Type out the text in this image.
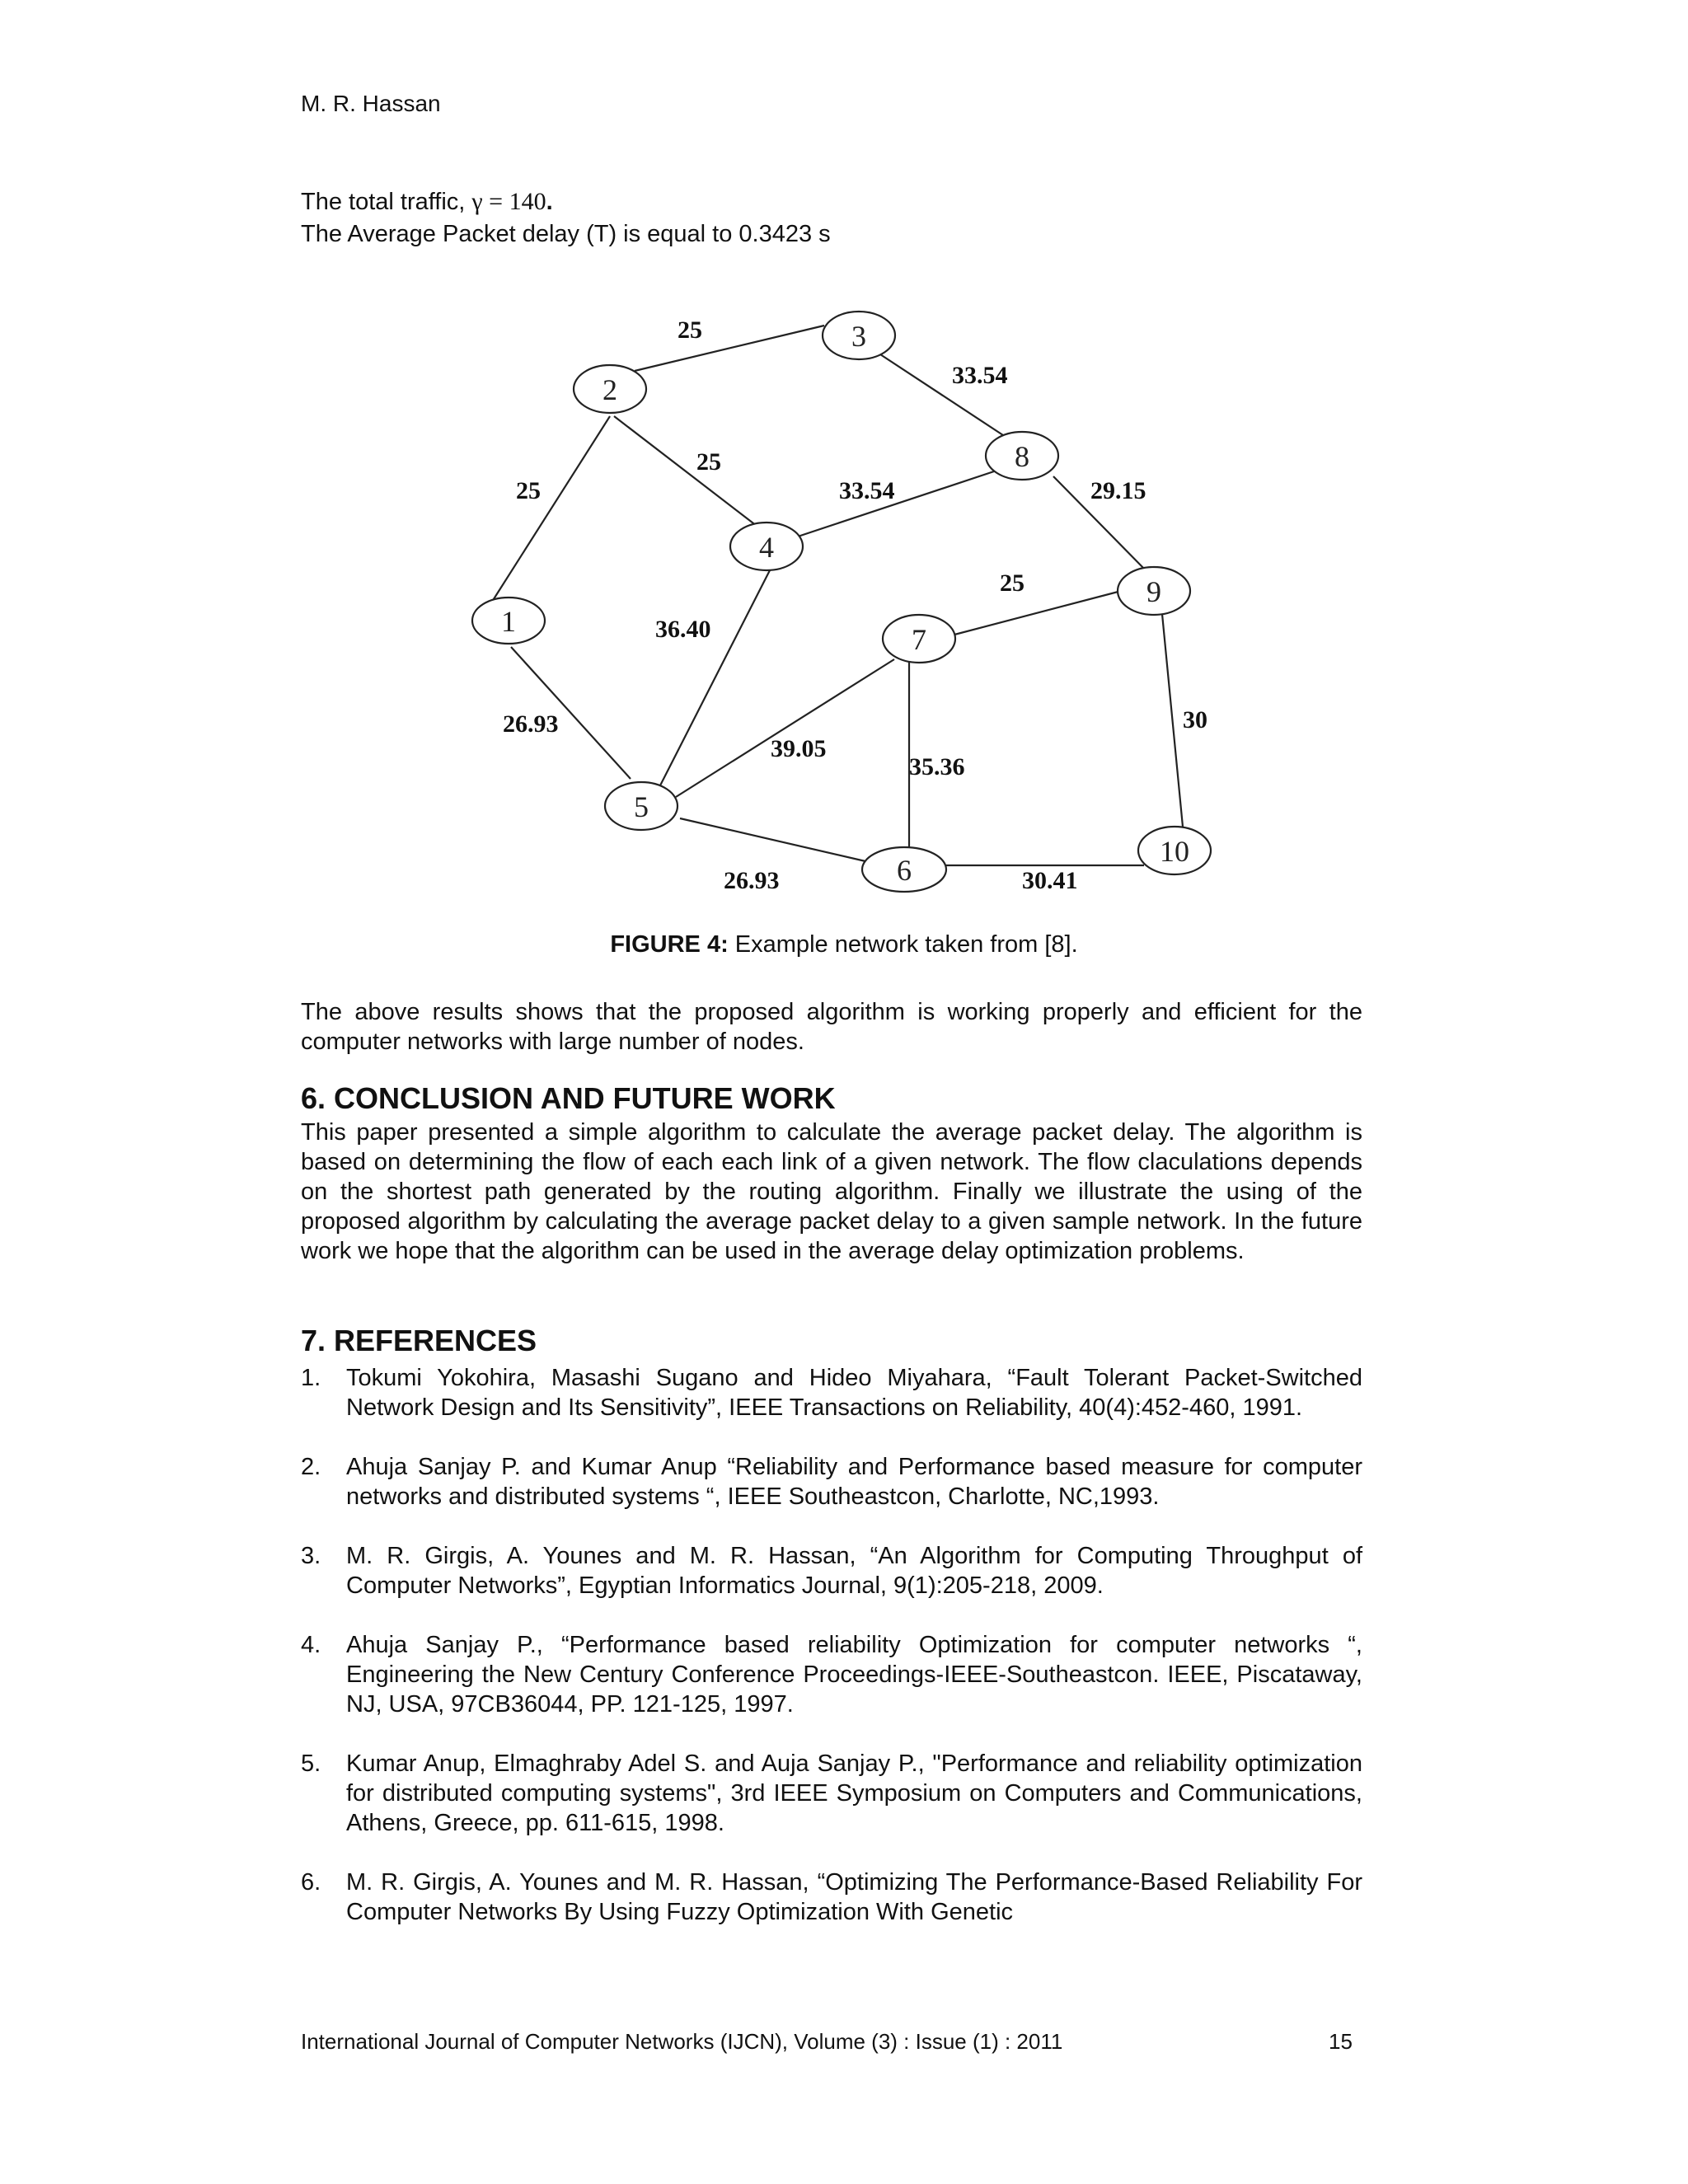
M. R. Hassan
The total traffic, γ = 140.
The Average Packet delay (T) is equal to 0.3423 s
1
2
3
4
5
6
7
8
9
10
25
25
25
33.54
33.54	29.15
25
36.40
26.93
39.05
35.36
30
26.93	30.41
FIGURE 4: Example network taken from [8].
The above results shows that the proposed algorithm is working properly and efficient for the computer networks with large number of nodes.
6. CONCLUSION AND FUTURE WORK
This paper presented a simple algorithm to calculate the average packet delay. The algorithm is based on determining the flow of each each link of a given network. The flow claculations depends on the shortest path generated by the routing algorithm. Finally we illustrate the using of the proposed algorithm by calculating the average packet delay to a given sample network. In the future work we hope that the algorithm can be used in the average delay optimization problems.
7. REFERENCES
1. Tokumi Yokohira, Masashi Sugano and Hideo Miyahara, “Fault Tolerant Packet-Switched Network Design and Its Sensitivity”, IEEE Transactions on Reliability, 40(4):452-460, 1991.
2. Ahuja Sanjay P. and Kumar Anup “Reliability and Performance based measure for computer networks and distributed systems “, IEEE Southeastcon, Charlotte, NC,1993.
3. M. R. Girgis, A. Younes and M. R. Hassan, “An Algorithm for Computing Throughput of Computer Networks”, Egyptian Informatics Journal, 9(1):205-218, 2009.
4. Ahuja Sanjay P., “Performance based reliability Optimization for computer networks “, Engineering the New Century Conference Proceedings-IEEE-Southeastcon. IEEE, Piscataway, NJ, USA, 97CB36044, PP. 121-125, 1997.
5. Kumar Anup, Elmaghraby Adel S. and Auja Sanjay P., "Performance and reliability optimization for distributed computing systems", 3rd IEEE Symposium on Computers and Communications, Athens, Greece, pp. 611-615, 1998.
6. M. R. Girgis, A. Younes and M. R. Hassan, “Optimizing The Performance-Based Reliability For Computer Networks By Using Fuzzy Optimization With Genetic
International Journal of Computer Networks (IJCN), Volume (3) : Issue (1) : 2011	15
